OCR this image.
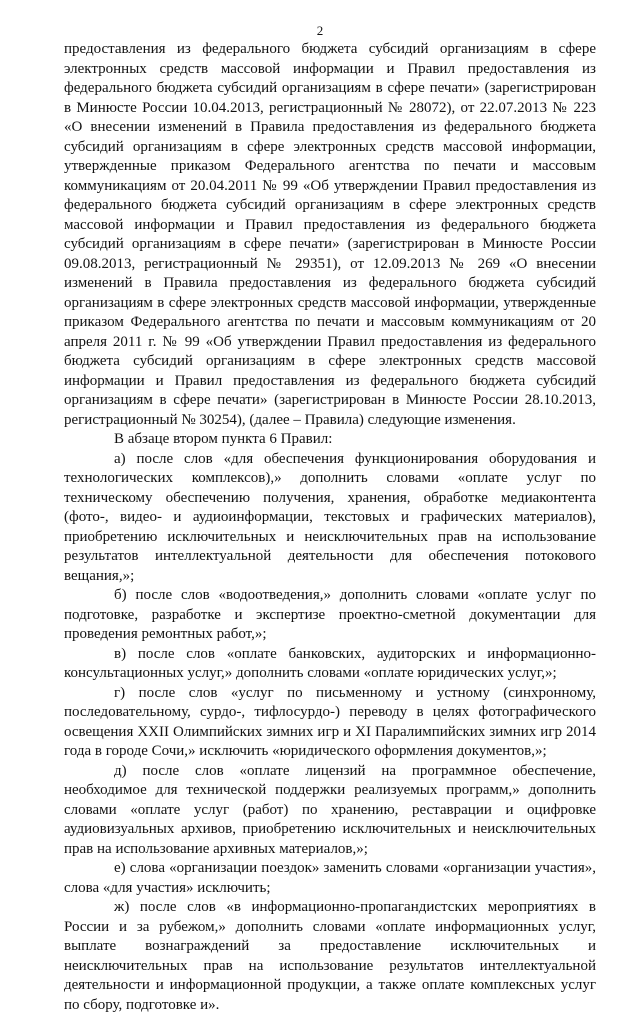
2

предоставления из федерального бюджета субсидий организациям в сфере электронных средств массовой информации и Правил предоставления из федерального бюджета субсидий организациям в сфере печати» (зарегистрирован в Минюсте России 10.04.2013, регистрационный № 28072), от 22.07.2013 № 223 «О внесении изменений в Правила предоставления из федерального бюджета субсидий организациям в сфере электронных средств массовой информации, утвержденные приказом Федерального агентства по печати и массовым коммуникациям от 20.04.2011 № 99 «Об утверждении Правил предоставления из федерального бюджета субсидий организациям в сфере электронных средств массовой информации и Правил предоставления из федерального бюджета субсидий организациям в сфере печати» (зарегистрирован в Минюсте России 09.08.2013, регистрационный № 29351), от 12.09.2013 № 269 «О внесении изменений в Правила предоставления из федерального бюджета субсидий организациям в сфере электронных средств массовой информации, утвержденные приказом Федерального агентства по печати и массовым коммуникациям от 20 апреля 2011 г. № 99 «Об утверждении Правил предоставления из федерального бюджета субсидий организациям в сфере электронных средств массовой информации и Правил предоставления из федерального бюджета субсидий организациям в сфере печати» (зарегистрирован в Минюсте России 28.10.2013, регистрационный № 30254), (далее – Правила) следующие изменения.

В абзаце втором пункта 6 Правил:

а) после слов «для обеспечения функционирования оборудования и технологических комплексов),» дополнить словами «оплате услуг по техническому обеспечению получения, хранения, обработке медиаконтента (фото-, видео- и аудиоинформации, текстовых и графических материалов), приобретению исключительных и неисключительных прав на использование результатов интеллектуальной деятельности для обеспечения потокового вещания,»;

б) после слов «водоотведения,» дополнить словами «оплате услуг по подготовке, разработке и экспертизе проектно-сметной документации для проведения ремонтных работ,»;

в) после слов «оплате банковских, аудиторских и информационно-консультационных услуг,» дополнить словами «оплате юридических услуг,»;

г) после слов «услуг по письменному и устному (синхронному, последовательному, сурдо-, тифлосурдо-) переводу в целях фотографического освещения XXII Олимпийских зимних игр и XI Паралимпийских зимних игр 2014 года в городе Сочи,» исключить «юридического оформления документов,»;

д) после слов «оплате лицензий на программное обеспечение, необходимое для технической поддержки реализуемых программ,» дополнить словами «оплате услуг (работ) по хранению, реставрации и оцифровке аудиовизуальных архивов, приобретению исключительных и неисключительных прав на использование архивных материалов,»;

е) слова «организации поездок» заменить словами «организации участия», слова «для участия» исключить;

ж) после слов «в информационно-пропагандистских мероприятиях в России и за рубежом,» дополнить словами «оплате информационных услуг, выплате вознаграждений за предоставление исключительных и неисключительных прав на использование результатов интеллектуальной деятельности и информационной продукции, а также оплате комплексных услуг по сбору, подготовке и».
